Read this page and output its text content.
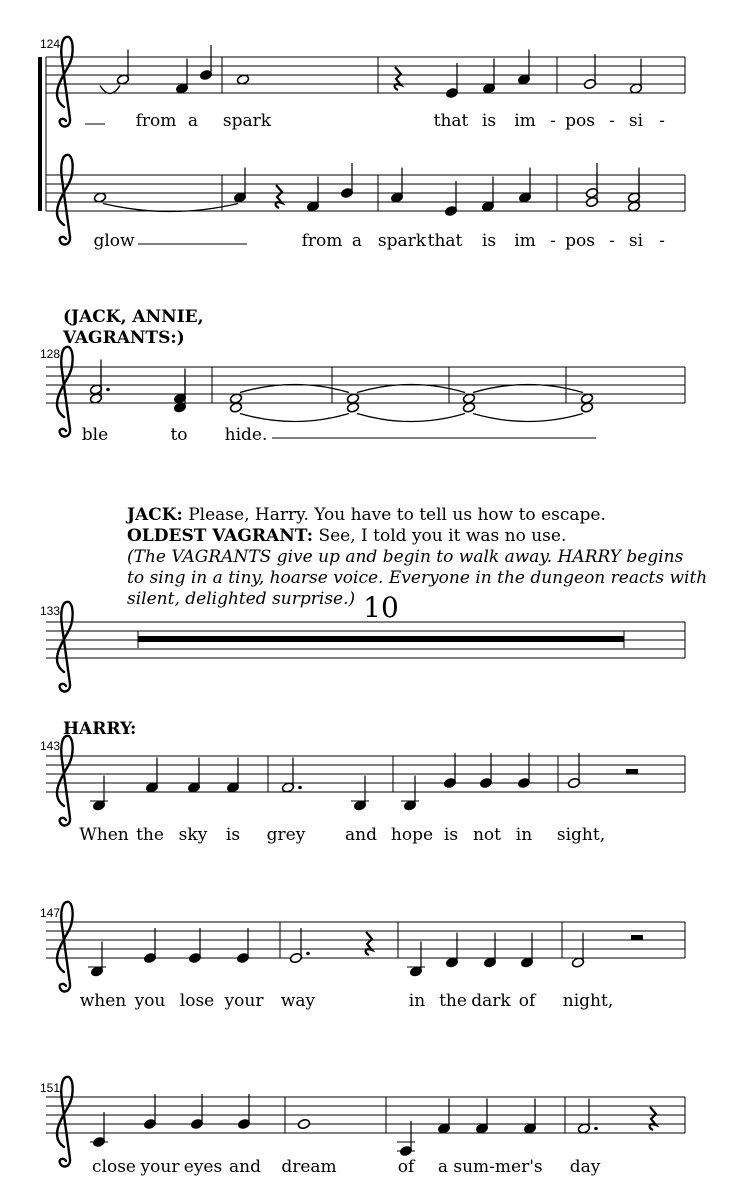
124
from a spark	that is im - pos - si -
glow	from a spark that is im - pos - si -
(JACK, ANNIE,
VAGRANTS:)
128
ble	to hide.
133
JACK: Please, Harry. You have to tell us how to escape.
OLDEST VAGRANT: See, I told you it was no use.
(The VAGRANTS give up and begin to walk away. HARRY begins
to sing in a tiny, hoarse voice. Everyone in the dungeon reacts with
silent, delighted surprise.) 10
HARRY:
143
When the sky is grey and hope is not in sight,
147
when you lose your way	in the dark of night,
151
close your eyes and dream	of a sum-mer's day
